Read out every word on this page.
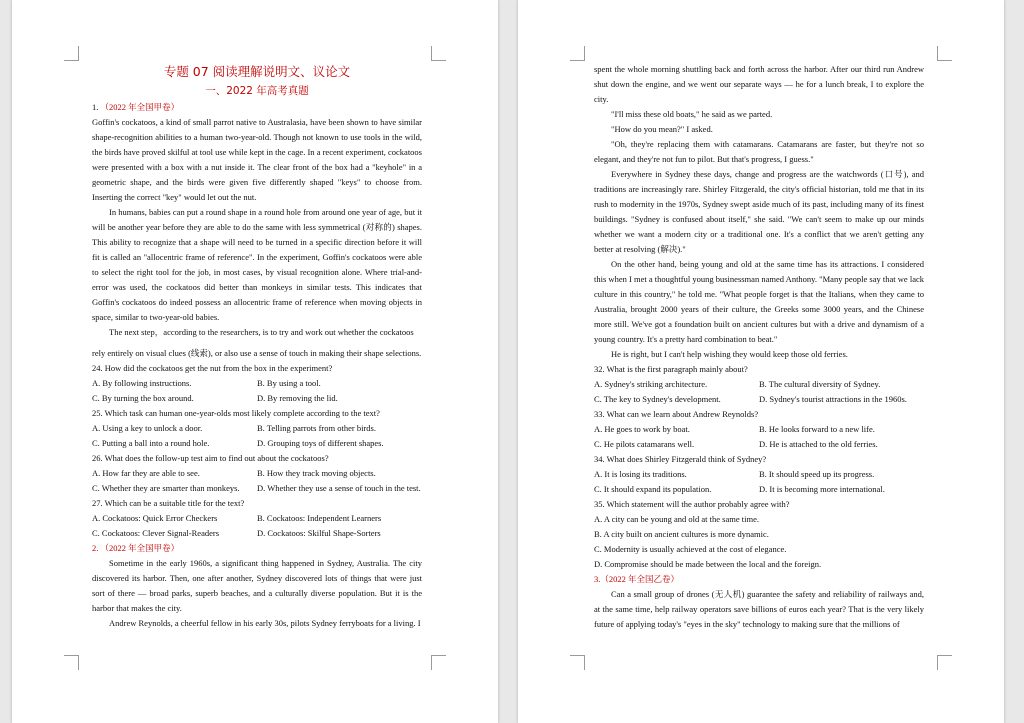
专题 07 阅读理解说明文、议论文
一、2022 年高考真题

1. （2022 年全国甲卷）

Goffin's cockatoos, a kind of small parrot native to Australasia, have been shown to have similar shape-recognition abilities to a human two-year-old. Though not known to use tools in the wild, the birds have proved skilful at tool use while kept in the cage. In a recent experiment, cockatoos were presented with a box with a nut inside it. The clear front of the box had a "keyhole" in a geometric shape, and the birds were given five differently shaped "keys" to choose from. Inserting the correct "key" would let out the nut.

In humans, babies can put a round shape in a round hole from around one year of age, but it will be another year before they are able to do the same with less symmetrical (对称的) shapes. This ability to recognize that a shape will need to be turned in a specific direction before it will fit is called an "allocentric frame of reference". In the experiment, Goffin's cockatoos were able to select the right tool for the job, in most cases, by visual recognition alone. Where trial-and-error was used, the cockatoos did better than monkeys in similar tests. This indicates that Goffin's cockatoos do indeed possess an allocentric frame of reference when moving objects in space, similar to two-year-old babies.

The next step，according to the researchers, is to try and work out whether the cockatoos

rely entirely on visual clues (线索), or also use a sense of touch in making their shape selections.

24. How did the cockatoos get the nut from the box in the experiment?

A. By following instructions.	B. By using a tool.
C. By turning the box around.	D. By removing the lid.

25. Which task can human one-year-olds most likely complete according to the text?

A. Using a key to unlock a door.	B. Telling parrots from other birds.
C. Putting a ball into a round hole.	D. Grouping toys of different shapes.

26. What does the follow-up test aim to find out about the cockatoos?

A. How far they are able to see.	B. How they track moving objects.
C. Whether they are smarter than monkeys.	D. Whether they use a sense of touch in the test.

27. Which can be a suitable title for the text?

A. Cockatoos: Quick Error Checkers	B. Cockatoos: Independent Learners
C. Cockatoos: Clever Signal-Readers	D. Cockatoos: Skilful Shape-Sorters

2. （2022 年全国甲卷）

Sometime in the early 1960s, a significant thing happened in Sydney, Australia. The city discovered its harbor. Then, one after another, Sydney discovered lots of things that were just sort of there — broad parks, superb beaches, and a culturally diverse population. But it is the harbor that makes the city.

Andrew Reynolds, a cheerful fellow in his early 30s, pilots Sydney ferryboats for a living. I

spent the whole morning shuttling back and forth across the harbor. After our third run Andrew shut down the engine, and we went our separate ways — he for a lunch break, I to explore the city.

"I'll miss these old boats," he said as we parted.

"How do you mean?" I asked.

"Oh, they're replacing them with catamarans. Catamarans are faster, but they're not so elegant, and they're not fun to pilot. But that's progress, I guess."

Everywhere in Sydney these days, change and progress are the watchwords (口号), and traditions are increasingly rare. Shirley Fitzgerald, the city's official historian, told me that in its rush to modernity in the 1970s, Sydney swept aside much of its past, including many of its finest buildings. "Sydney is confused about itself," she said. "We can't seem to make up our minds whether we want a modern city or a traditional one. It's a conflict that we aren't getting any better at resolving (解决)."

On the other hand, being young and old at the same time has its attractions. I considered this when I met a thoughtful young businessman named Anthony. "Many people say that we lack culture in this country," he told me. "What people forget is that the Italians, when they came to Australia, brought 2000 years of their culture, the Greeks some 3000 years, and the Chinese more still. We've got a foundation built on ancient cultures but with a drive and dynamism of a young country. It's a pretty hard combination to beat."

He is right, but I can't help wishing they would keep those old ferries.

32. What is the first paragraph mainly about?

A. Sydney's striking architecture.	B. The cultural diversity of Sydney.
C. The key to Sydney's development.	D. Sydney's tourist attractions in the 1960s.

33. What can we learn about Andrew Reynolds?

A. He goes to work by boat.	B. He looks forward to a new life.
C. He pilots catamarans well.	D. He is attached to the old ferries.

34. What does Shirley Fitzgerald think of Sydney?

A. It is losing its traditions.	B. It should speed up its progress.
C. It should expand its population.	D. It is becoming more international.

35. Which statement will the author probably agree with?

A. A city can be young and old at the same time.

B. A city built on ancient cultures is more dynamic.

C. Modernity is usually achieved at the cost of elegance.

D. Compromise should be made between the local and the foreign.

3.（2022 年全国乙卷）

Can a small group of drones (无人机) guarantee the safety and reliability of railways and, at the same time, help railway operators save billions of euros each year? That is the very likely future of applying today's "eyes in the sky" technology to making sure that the millions of
